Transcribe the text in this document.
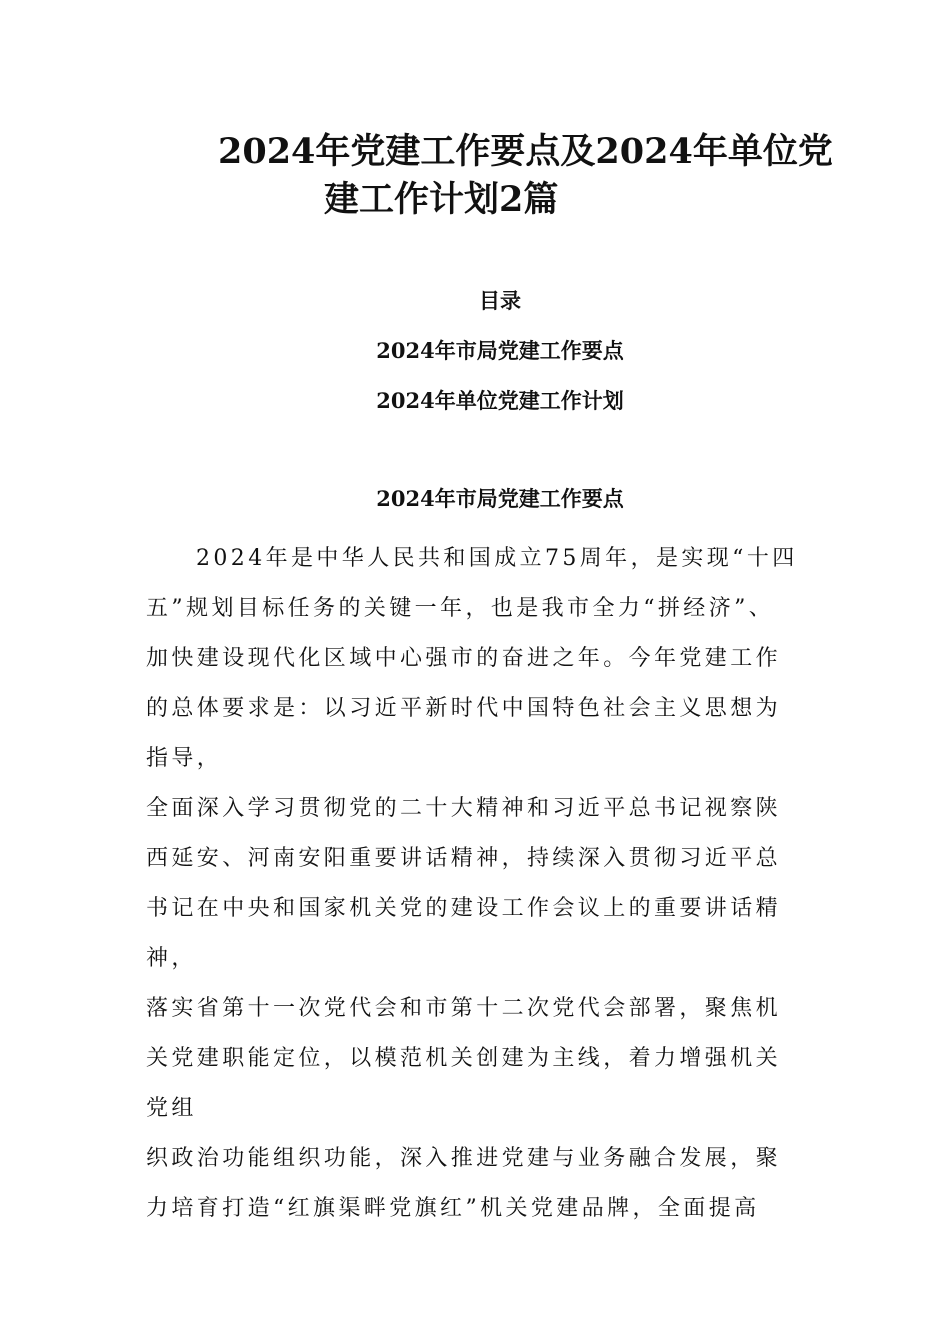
2024年党建工作要点及2024年单位党
建工作计划2篇
目录
2024年市局党建工作要点
2024年单位党建工作计划
2024年市局党建工作要点
2024年是中华人民共和国成立75周年，是实现“十四
五”规划目标任务的关键一年，也是我市全力“拼经济”、
加快建设现代化区域中心强市的奋进之年。今年党建工作
的总体要求是：以习近平新时代中国特色社会主义思想为
指导，
全面深入学习贯彻党的二十大精神和习近平总书记视察陕
西延安、河南安阳重要讲话精神，持续深入贯彻习近平总
书记在中央和国家机关党的建设工作会议上的重要讲话精
神，
落实省第十一次党代会和市第十二次党代会部署，聚焦机
关党建职能定位，以模范机关创建为主线，着力增强机关
党组
织政治功能组织功能，深入推进党建与业务融合发展，聚
力培育打造“红旗渠畔党旗红”机关党建品牌，全面提高
